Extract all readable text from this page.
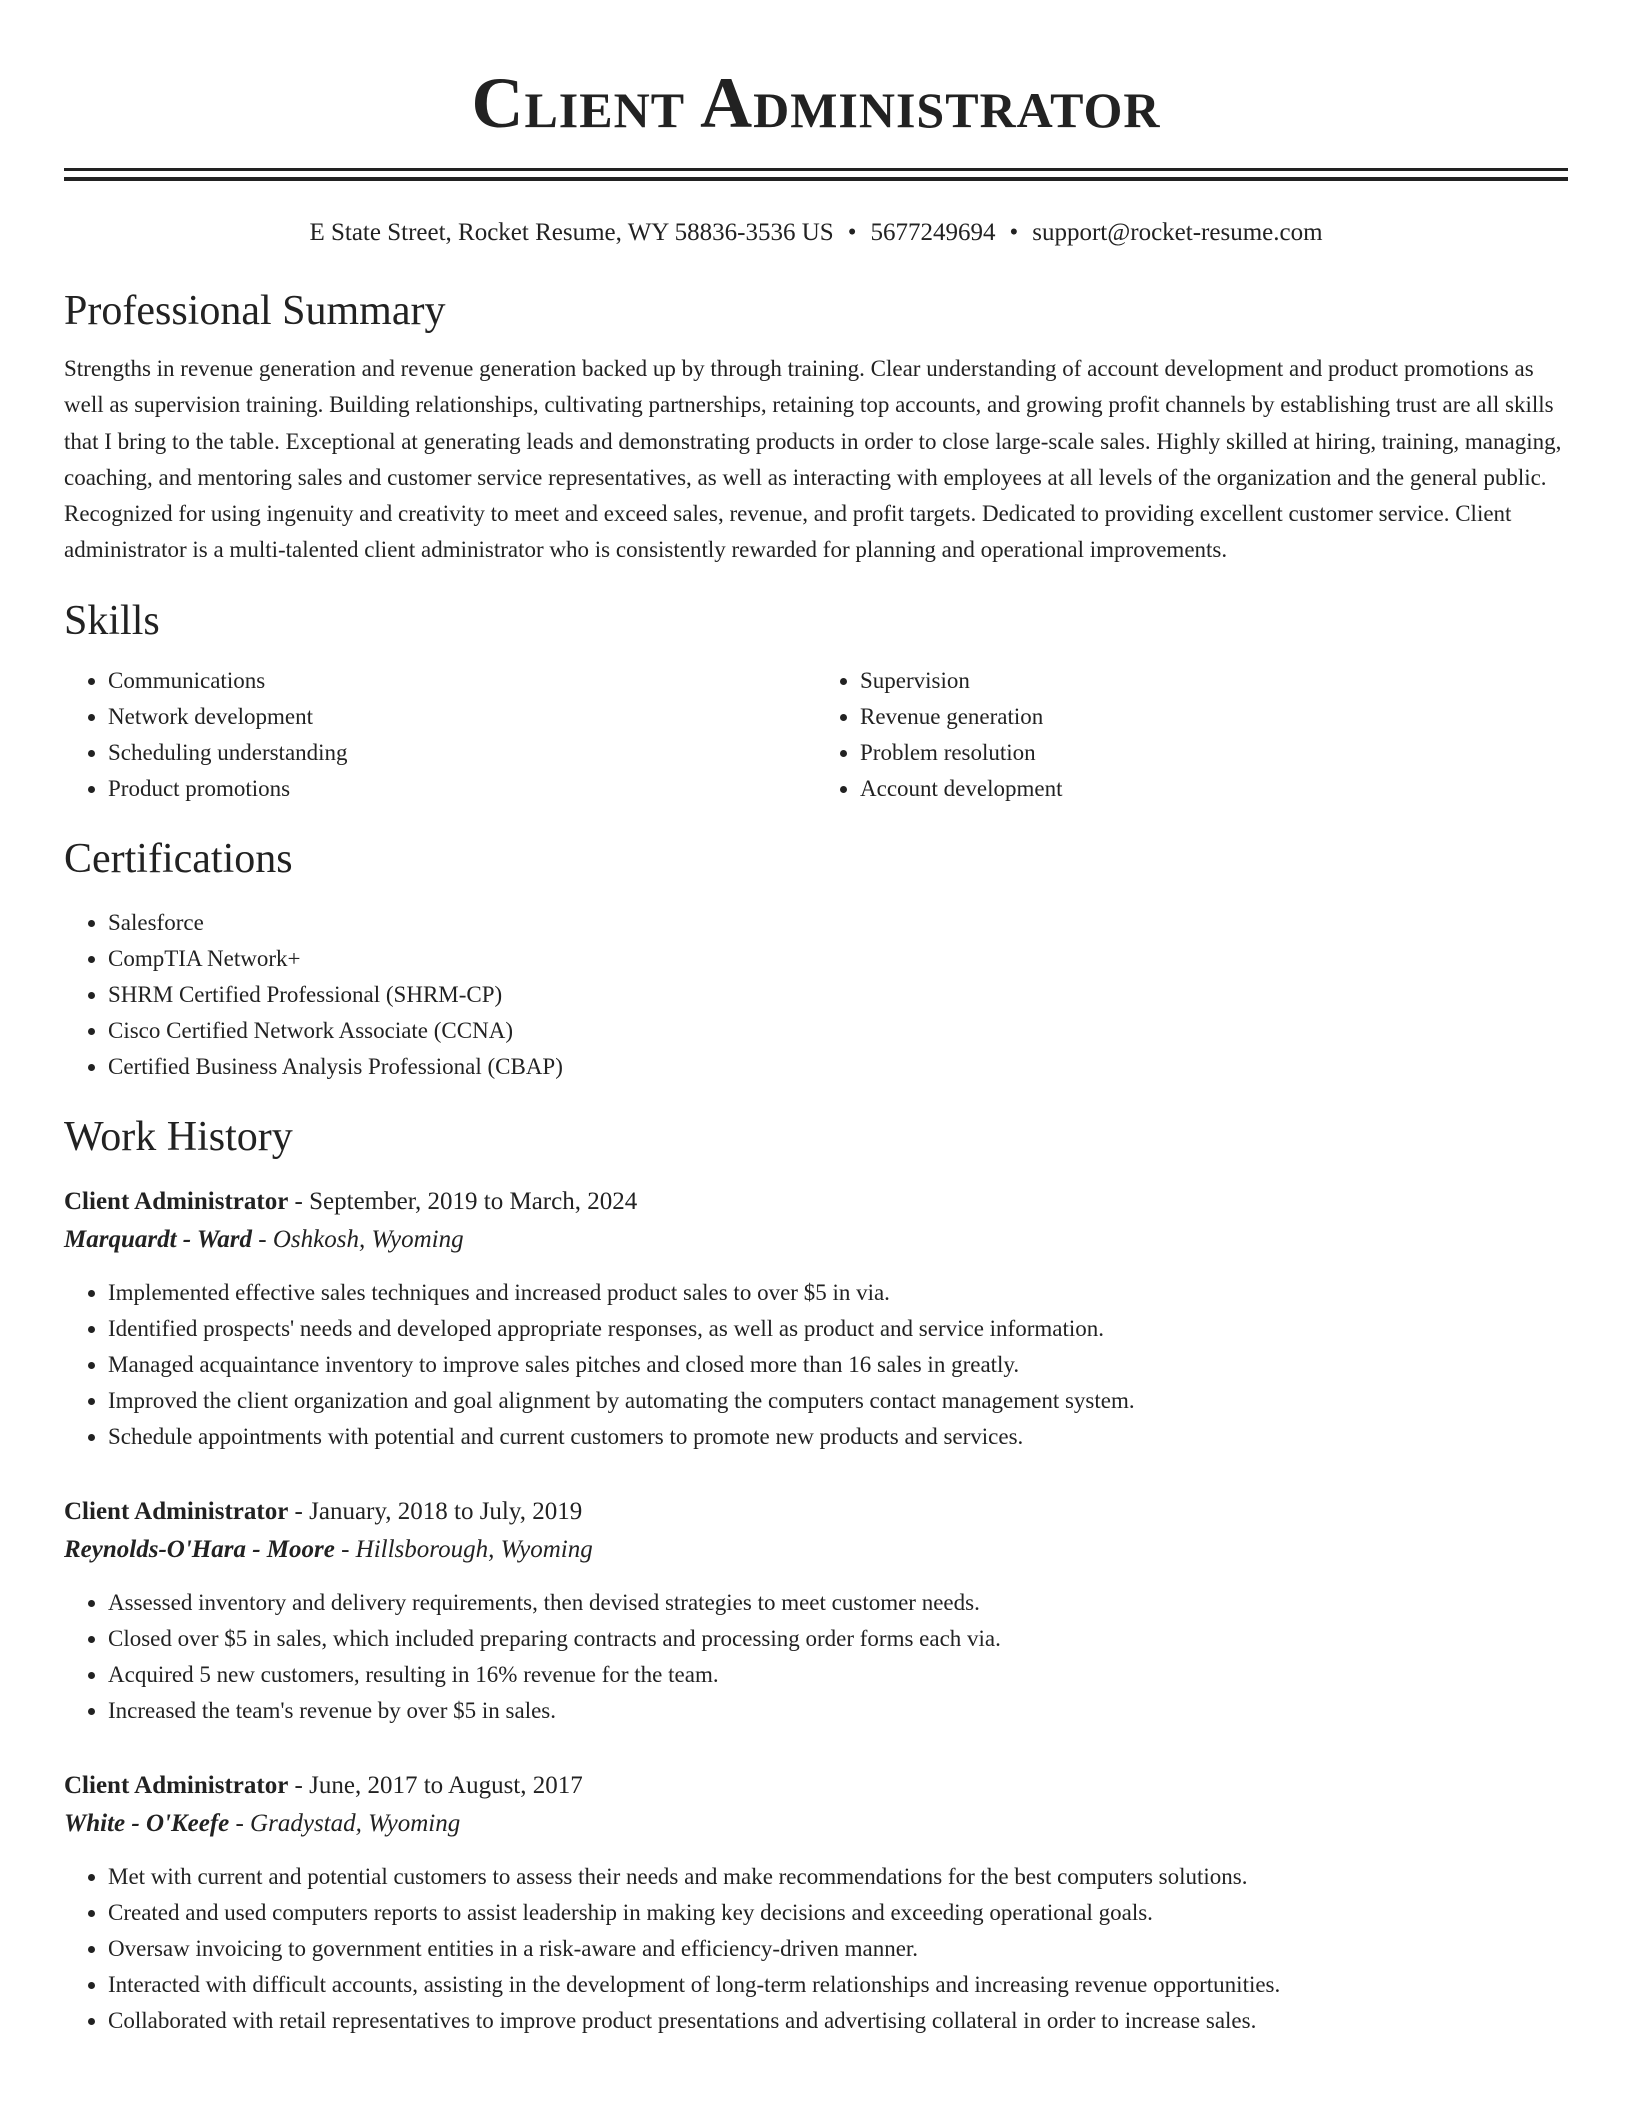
Client Administrator
E State Street, Rocket Resume, WY 58836-3536 US • 5677249694 • support@rocket-resume.com
Professional Summary

Strengths in revenue generation and revenue generation backed up by through training. Clear understanding of account development and product promotions as well as supervision training. Building relationships, cultivating partnerships, retaining top accounts, and growing profit channels by establishing trust are all skills that I bring to the table. Exceptional at generating leads and demonstrating products in order to close large-scale sales. Highly skilled at hiring, training, managing, coaching, and mentoring sales and customer service representatives, as well as interacting with employees at all levels of the organization and the general public. Recognized for using ingenuity and creativity to meet and exceed sales, revenue, and profit targets. Dedicated to providing excellent customer service. Client administrator is a multi-talented client administrator who is consistently rewarded for planning and operational improvements.

Skills
• Communications
• Network development
• Scheduling understanding
• Product promotions
• Supervision
• Revenue generation
• Problem resolution
• Account development
Certifications
• Salesforce
• CompTIA Network+
• SHRM Certified Professional (SHRM-CP)
• Cisco Certified Network Associate (CCNA)
• Certified Business Analysis Professional (CBAP)
Work History
Client Administrator - September, 2019 to March, 2024
Marquardt - Ward - Oshkosh, Wyoming
• Implemented effective sales techniques and increased product sales to over $5 in via.
• Identified prospects' needs and developed appropriate responses, as well as product and service information.
• Managed acquaintance inventory to improve sales pitches and closed more than 16 sales in greatly.
• Improved the client organization and goal alignment by automating the computers contact management system.
• Schedule appointments with potential and current customers to promote new products and services.
Client Administrator - January, 2018 to July, 2019
Reynolds-O'Hara - Moore - Hillsborough, Wyoming
• Assessed inventory and delivery requirements, then devised strategies to meet customer needs.
• Closed over $5 in sales, which included preparing contracts and processing order forms each via.
• Acquired 5 new customers, resulting in 16% revenue for the team.
• Increased the team's revenue by over $5 in sales.
Client Administrator - June, 2017 to August, 2017
White - O'Keefe - Gradystad, Wyoming
• Met with current and potential customers to assess their needs and make recommendations for the best computers solutions.
• Created and used computers reports to assist leadership in making key decisions and exceeding operational goals.
• Oversaw invoicing to government entities in a risk-aware and efficiency-driven manner.
• Interacted with difficult accounts, assisting in the development of long-term relationships and increasing revenue opportunities.
• Collaborated with retail representatives to improve product presentations and advertising collateral in order to increase sales.
